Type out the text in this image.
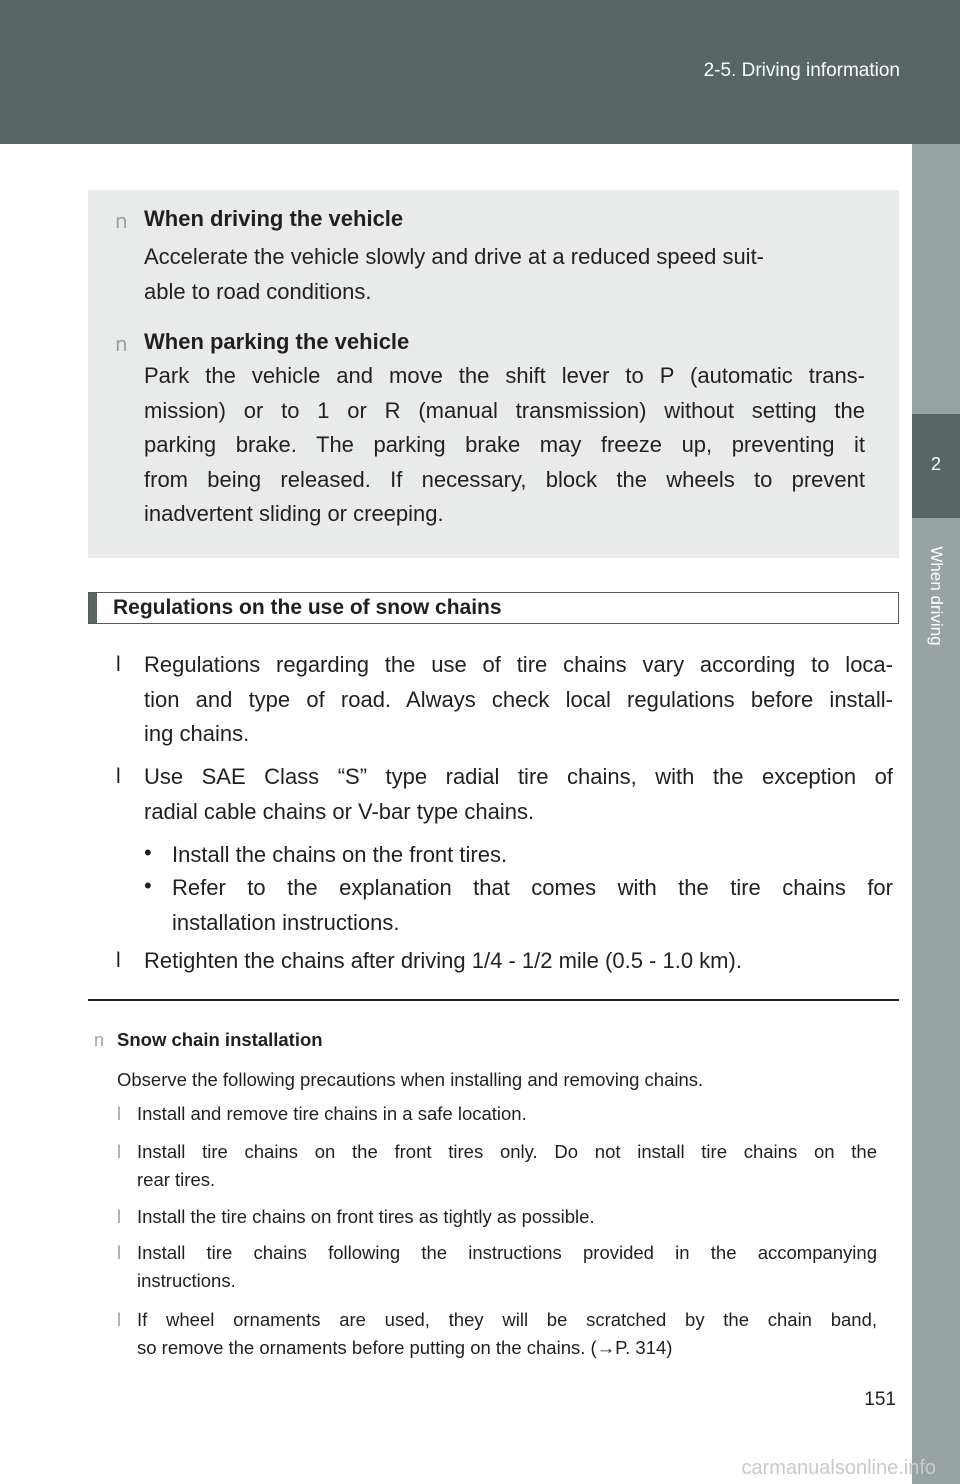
2-5. Driving information
2
When driving
n When driving the vehicle
Accelerate the vehicle slowly and drive at a reduced speed suit-
able to road conditions.
n When parking the vehicle
Park the vehicle and move the shift lever to P (automatic trans-
mission) or to 1 or R (manual transmission) without setting the
parking brake. The parking brake may freeze up, preventing it
from being released. If necessary, block the wheels to prevent
inadvertent sliding or creeping.
Regulations on the use of snow chains
l Regulations regarding the use of tire chains vary according to loca-
tion and type of road. Always check local regulations before install-
ing chains.
l Use SAE Class “S” type radial tire chains, with the exception of
radial cable chains or V-bar type chains.
• Install the chains on the front tires.
• Refer to the explanation that comes with the tire chains for
installation instructions.
l Retighten the chains after driving 1/4 - 1/2 mile (0.5 - 1.0 km).
n Snow chain installation
Observe the following precautions when installing and removing chains.
l Install and remove tire chains in a safe location.
l Install tire chains on the front tires only. Do not install tire chains on the
rear tires.
l Install the tire chains on front tires as tightly as possible.
l Install tire chains following the instructions provided in the accompanying
instructions.
l If wheel ornaments are used, they will be scratched by the chain band,
so remove the ornaments before putting on the chains. (→P. 314)
151
carmanualsonline.info
